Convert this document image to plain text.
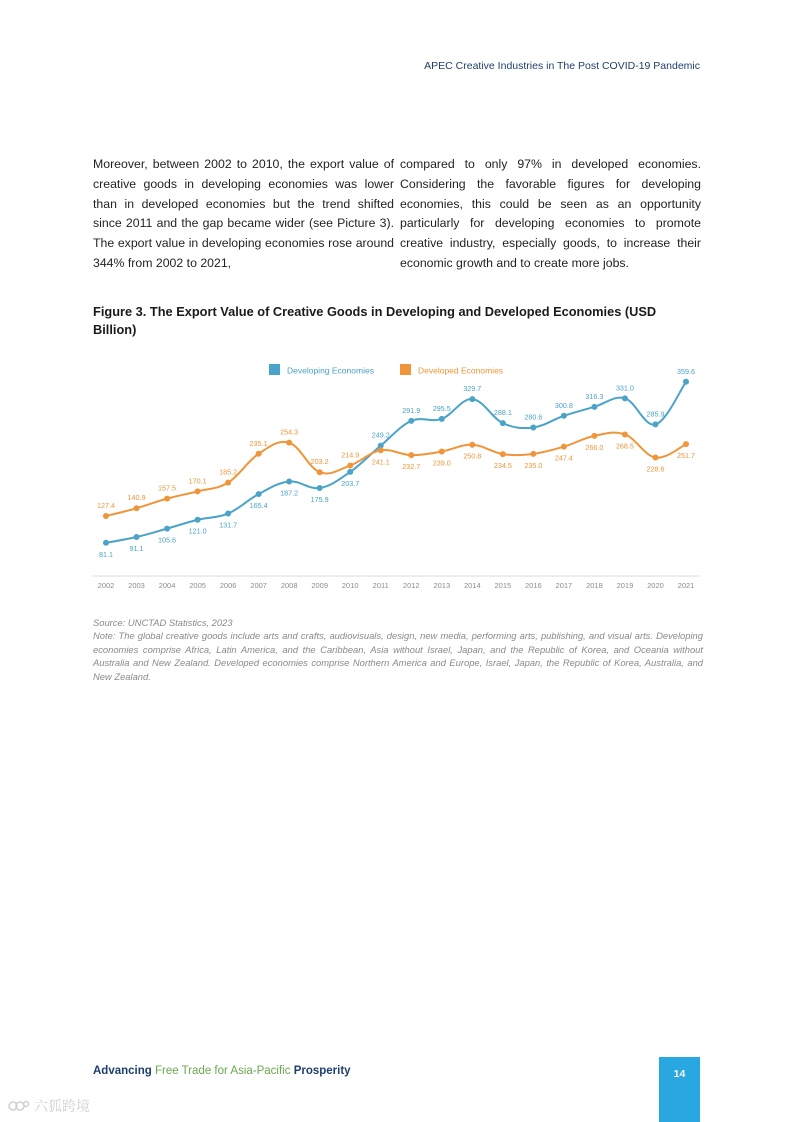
APEC Creative Industries in The Post COVID-19 Pandemic
Moreover, between 2002 to 2010, the export value of creative goods in developing economies was lower than in developed economies but the trend shifted since 2011 and the gap became wider (see Picture 3). The export value in developing economies rose around 344% from 2002 to 2021,
compared to only 97% in developed economies. Considering the favorable figures for developing economies, this could be seen as an opportunity particularly for developing economies to promote creative industry, especially goods, to increase their economic growth and to create more jobs.
Figure 3. The Export Value of Creative Goods in Developing and Developed Economies (USD Billion)
2002 2003 2004 2005 2006 2007 2008 2009 2010 2011 2012 2013 2014 2015 2016 2017 2018 2019 2020 2021
81.1
91.1
105.6
121.0
131.7
165.4
187.2
175.9
203.7
249.2
291.9 295.5
329.7
288.1 280.6
300.8
316.3
331.0
285.9
359.6
127.4
140.9
157.5
170.1
185.2
235.1
254.3
203.2
214.9
241.1
232.7 239.0
250.8
234.5 235.0
247.4
266.0 268.5
228.6
251.7
Developing Economies	Developed Economies

Source: UNCTAD Statistics, 2023

Note: The global creative goods include arts and crafts, audiovisuals, design, new media, performing arts, publishing, and visual arts. Developing economies comprise Africa, Latin America, and the Caribbean, Asia without Israel, Japan, and the Republic of Korea, and Oceania without Australia and New Zealand. Developed economies comprise Northern America and Europe, Israel, Japan, the Republic of Korea, Australia, and New Zealand.

Advancing Free Trade for Asia-Pacific Prosperity	14
六狐跨境
